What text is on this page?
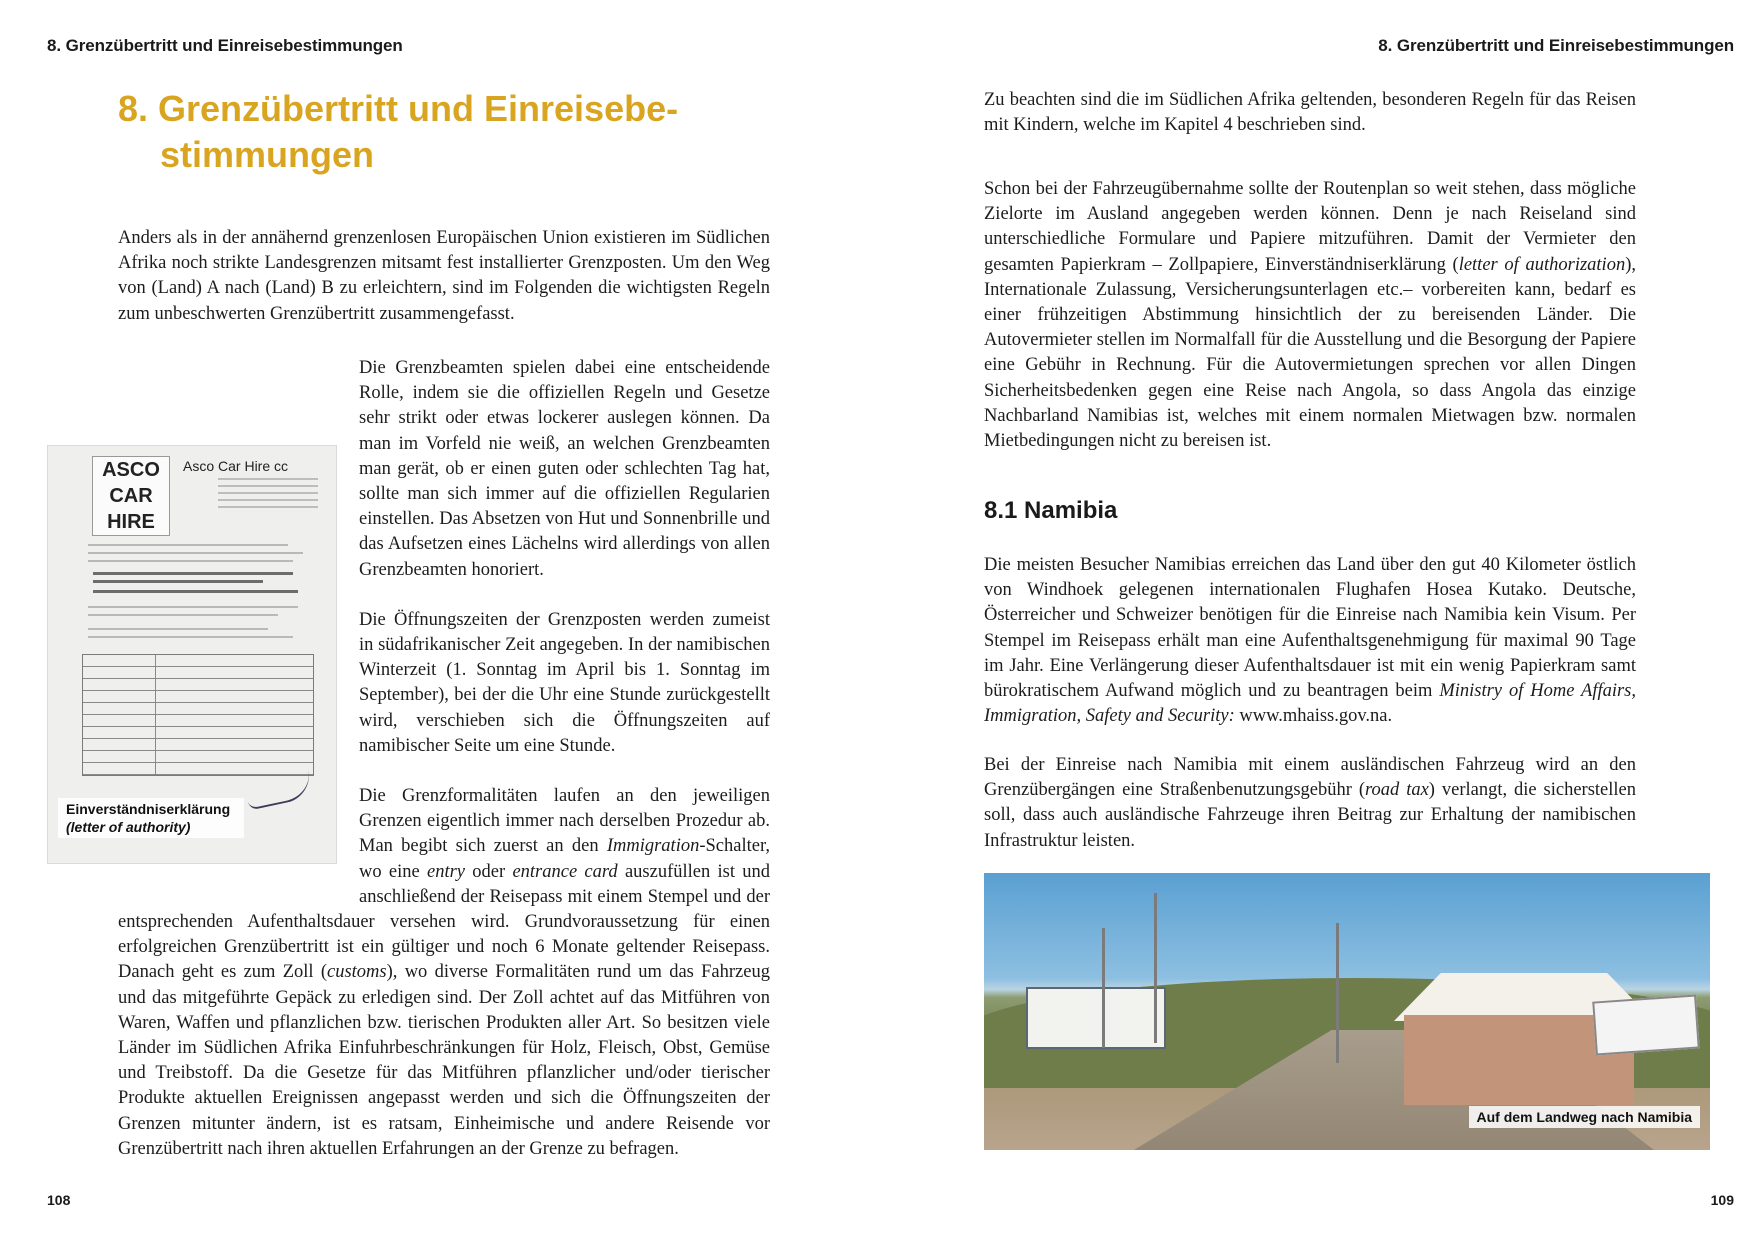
8. Grenzübertritt und Einreisebestimmungen	8. Grenzübertritt und Einreisebestimmungen
8. Grenzübertritt und Einreisebe-
stimmungen

Anders als in der annähernd grenzenlosen Europäischen Union existieren im Südlichen Afrika noch strikte Landesgrenzen mitsamt fest installierter Grenzposten. Um den Weg von (Land) A nach (Land) B zu erleichtern, sind im Folgenden die wichtigsten Regeln zum unbeschwerten Grenzübertritt zusammengefasst.

Die Grenzbeamten spielen dabei eine entscheidende Rolle, indem sie die offiziellen Regeln und Gesetze sehr strikt oder etwas lockerer auslegen können. Da man im Vorfeld nie weiß, an welchen Grenzbeamten man gerät, ob er einen guten oder schlechten Tag hat, sollte man sich immer auf die offiziellen Regularien einstellen. Das Absetzen von Hut und Sonnenbrille und das Aufsetzen eines Lächelns wird allerdings von allen Grenzbeamten honoriert.

Die Öffnungszeiten der Grenzposten werden zumeist in südafrikanischer Zeit angegeben. In der namibischen Winterzeit (1. Sonntag im April bis 1. Sonntag im September), bei der die Uhr eine Stunde zurückgestellt wird, verschieben sich die Öffnungszeiten auf namibischer Seite um eine Stunde.

Die Grenzformalitäten laufen an den jeweiligen Grenzen eigentlich immer nach derselben Prozedur ab. Man begibt sich zuerst an den Immigration-Schalter, wo eine entry oder entrance card auszufüllen ist und anschließend der Reisepass mit einem Stempel und der entsprechenden Aufenthaltsdauer versehen wird. Grundvoraussetzung für einen erfolgreichen Grenzübertritt ist ein gültiger und noch 6 Monate geltender Reisepass. Danach geht es zum Zoll (customs), wo diverse Formalitäten rund um das Fahrzeug und das mitgeführte Gepäck zu erledigen sind. Der Zoll achtet auf das Mitführen von Waren, Waffen und pflanzlichen bzw. tierischen Produkten aller Art. So besitzen viele Länder im Südlichen Afrika Einfuhrbeschränkungen für Holz, Fleisch, Obst, Gemüse und Treibstoff. Da die Gesetze für das Mitführen pflanzlicher und/oder tierischer Produkte aktuellen Ereignissen angepasst werden und sich die Öffnungszeiten der Grenzen mitunter ändern, ist es ratsam, Einheimische und andere Reisende vor Grenzübertritt nach ihren aktuellen Erfahrungen an der Grenze zu befragen.

ASCO CAR HIRE
Asco Car Hire cc
Einverständniserklärung
(letter of authority)

Zu beachten sind die im Südlichen Afrika geltenden, besonderen Regeln für das Reisen mit Kindern, welche im Kapitel 4 beschrieben sind.

Schon bei der Fahrzeugübernahme sollte der Routenplan so weit stehen, dass mögliche Zielorte im Ausland angegeben werden können. Denn je nach Reiseland sind unterschiedliche Formulare und Papiere mitzuführen. Damit der Vermieter den gesamten Papierkram – Zollpapiere, Einverständniserklärung (letter of authorization), Internationale Zulassung, Versicherungsunterlagen etc.– vorbereiten kann, bedarf es einer frühzeitigen Abstimmung hinsichtlich der zu bereisenden Länder. Die Autovermieter stellen im Normalfall für die Ausstellung und die Besorgung der Papiere eine Gebühr in Rechnung. Für die Autovermietungen sprechen vor allen Dingen Sicherheitsbedenken gegen eine Reise nach Angola, so dass Angola das einzige Nachbarland Namibias ist, welches mit einem normalen Mietwagen bzw. normalen Mietbedingungen nicht zu bereisen ist.

8.1 Namibia

Die meisten Besucher Namibias erreichen das Land über den gut 40 Kilometer östlich von Windhoek gelegenen internationalen Flughafen Hosea Kutako. Deutsche, Österreicher und Schweizer benötigen für die Einreise nach Namibia kein Visum. Per Stempel im Reisepass erhält man eine Aufenthaltsgenehmigung für maximal 90 Tage im Jahr. Eine Verlängerung dieser Aufenthaltsdauer ist mit ein wenig Papierkram samt bürokratischem Aufwand möglich und zu beantragen beim Ministry of Home Affairs, Immigration, Safety and Security: www.mhaiss.gov.na.

Bei der Einreise nach Namibia mit einem ausländischen Fahrzeug wird an den Grenzübergängen eine Straßenbenutzungsgebühr (road tax) verlangt, die sicherstellen soll, dass auch ausländische Fahrzeuge ihren Beitrag zur Erhaltung der namibischen Infrastruktur leisten.

Auf dem Landweg nach Namibia
108	109
